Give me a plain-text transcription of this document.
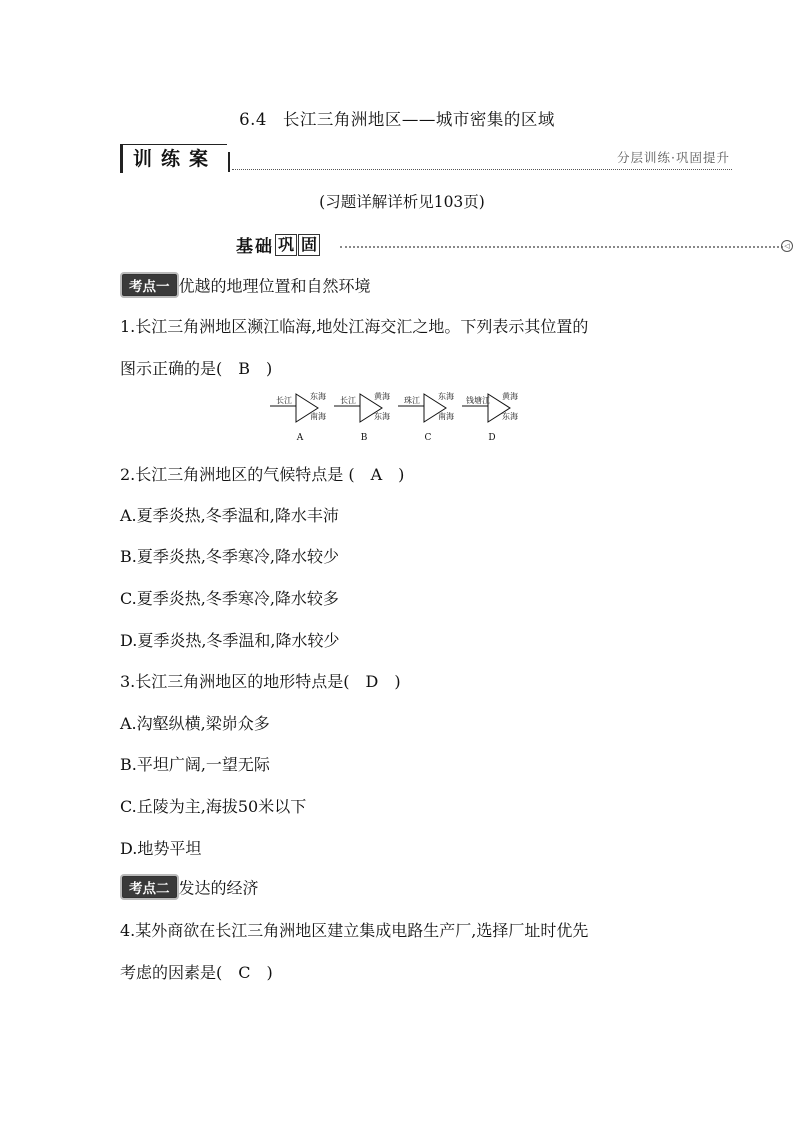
6.4 长江三角洲地区——城市密集的区域
训练案	分层训练·巩固提升
(习题详解详析见103页)
基础 巩 固	◁
考点一 优越的地理位置和自然环境
1.长江三角洲地区濒江临海,地处江海交汇之地。下列表示其位置的
图示正确的是(　B　)
长江 东海
南海
A
长江 黄海
东海
B
珠江 东海
南海
C
钱塘江 黄海
东海
D
2.长江三角洲地区的气候特点是 (　A　)
A.夏季炎热,冬季温和,降水丰沛
B.夏季炎热,冬季寒冷,降水较少
C.夏季炎热,冬季寒冷,降水较多
D.夏季炎热,冬季温和,降水较少
3.长江三角洲地区的地形特点是(　D　)
A.沟壑纵横,梁峁众多
B.平坦广阔,一望无际
C.丘陵为主,海拔50米以下
D.地势平坦
考点二 发达的经济
4.某外商欲在长江三角洲地区建立集成电路生产厂,选择厂址时优先
考虑的因素是(　C　)
